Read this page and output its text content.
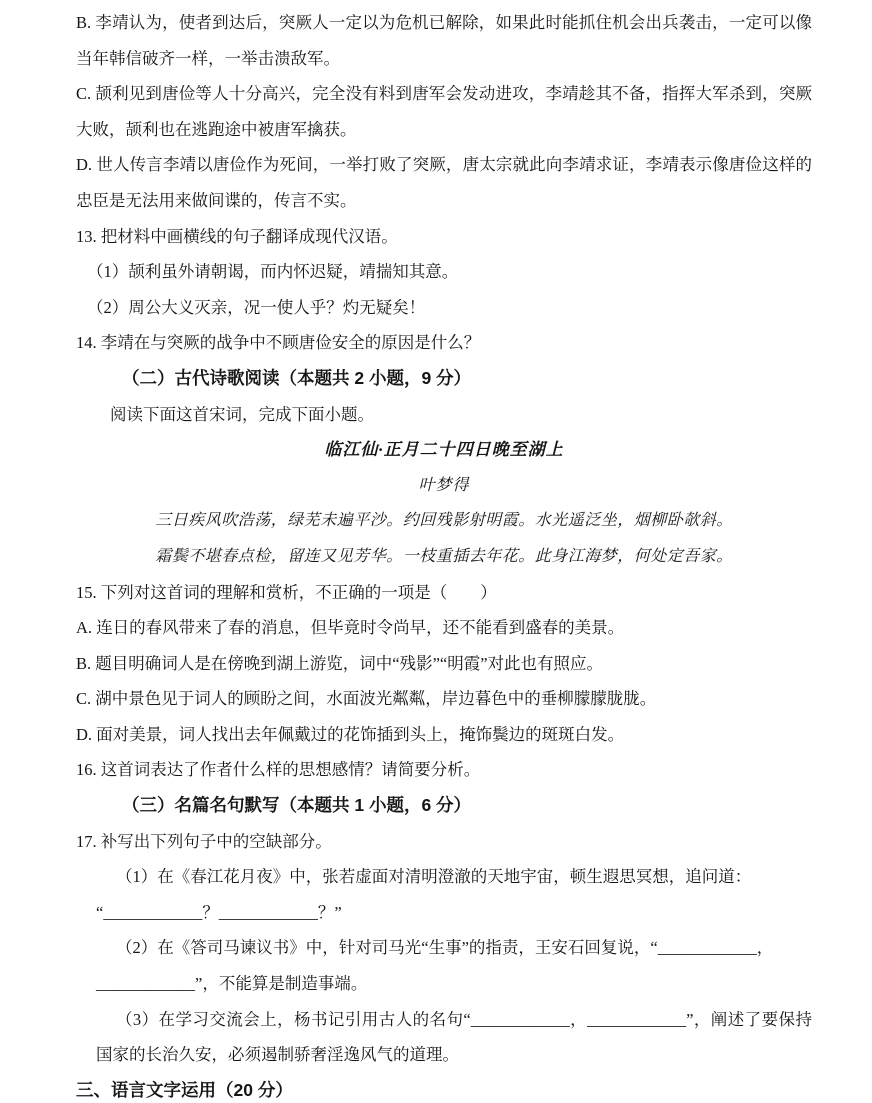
B. 李靖认为，使者到达后，突厥人一定以为危机已解除，如果此时能抓住机会出兵袭击，一定可以像当年韩信破齐一样，一举击溃敌军。

C. 颉利见到唐俭等人十分高兴，完全没有料到唐军会发动进攻，李靖趁其不备，指挥大军杀到，突厥大败，颉利也在逃跑途中被唐军擒获。

D. 世人传言李靖以唐俭作为死间，一举打败了突厥，唐太宗就此向李靖求证，李靖表示像唐俭这样的忠臣是无法用来做间谍的，传言不实。

13. 把材料中画横线的句子翻译成现代汉语。

（1）颉利虽外请朝谒，而内怀迟疑，靖揣知其意。

（2）周公大义灭亲，况一使人乎？灼无疑矣！

14. 李靖在与突厥的战争中不顾唐俭安全的原因是什么？

（二）古代诗歌阅读（本题共 2 小题，9 分）

阅读下面这首宋词，完成下面小题。

临江仙·正月二十四日晚至湖上

叶梦得

三日疾风吹浩荡，绿芜未遍平沙。约回残影射明霞。水光遥泛坐，烟柳卧欹斜。

霜鬓不堪春点检，留连又见芳华。一枝重插去年花。此身江海梦，何处定吾家。

15. 下列对这首词的理解和赏析，不正确的一项是（　　）

A. 连日的春风带来了春的消息，但毕竟时令尚早，还不能看到盛春的美景。

B. 题目明确词人是在傍晚到湖上游览，词中“残影”“明霞”对此也有照应。

C. 湖中景色见于词人的顾盼之间，水面波光粼粼，岸边暮色中的垂柳朦朦胧胧。

D. 面对美景，词人找出去年佩戴过的花饰插到头上，掩饰鬓边的斑斑白发。

16. 这首词表达了作者什么样的思想感情？请简要分析。

（三）名篇名句默写（本题共 1 小题，6 分）

17. 补写出下列句子中的空缺部分。

（1）在《春江花月夜》中，张若虚面对清明澄澈的天地宇宙，顿生遐思冥想，追问道：

“____________？____________？”

（2）在《答司马谏议书》中，针对司马光“生事”的指责，王安石回复说，“____________，

____________”，不能算是制造事端。

（3）在学习交流会上，杨书记引用古人的名句“____________，____________”，阐述了要保持国家的长治久安，必须遏制骄奢淫逸风气的道理。

三、语言文字运用（20 分）
